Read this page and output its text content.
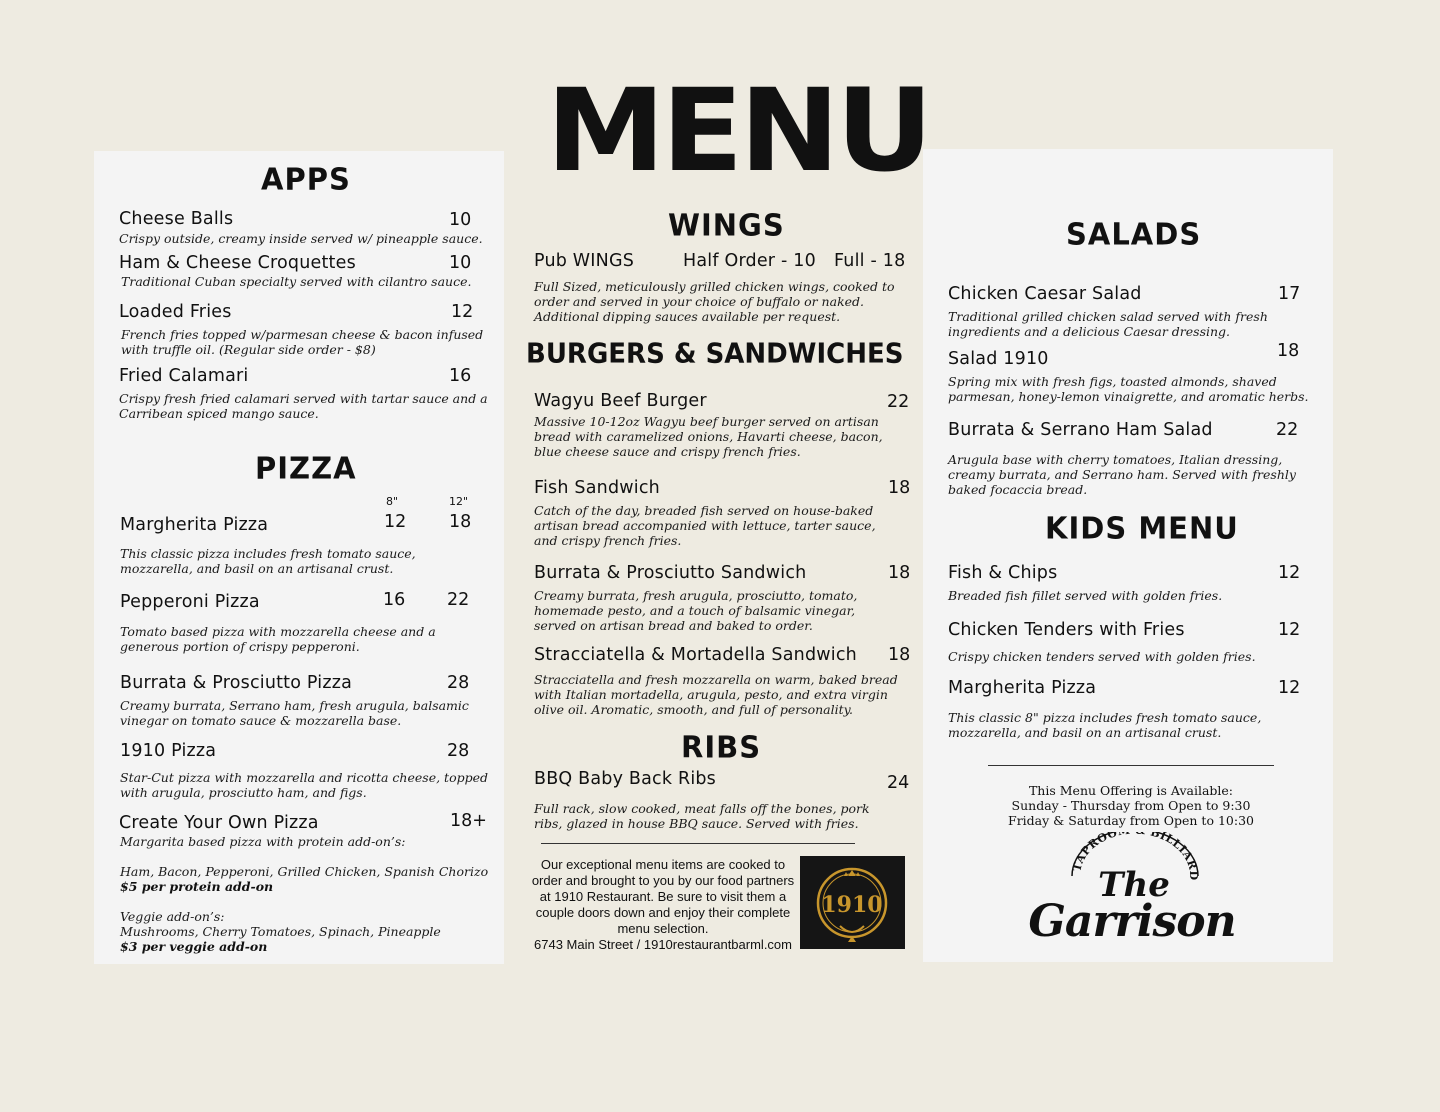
MENU
APPS
Cheese Balls	10
Crispy outside, creamy inside served w/ pineapple sauce.
Ham & Cheese Croquettes	10
Traditional Cuban specialty served with cilantro sauce.
Loaded Fries	12
French fries topped w/parmesan cheese & bacon infused with truffle oil. (Regular side order - $8)
Fried Calamari	16
Crispy fresh fried calamari served with tartar sauce and a Carribean spiced mango sauce.
PIZZA
8"	12"
Margherita Pizza	12 18
This classic pizza includes fresh tomato sauce, mozzarella, and basil on an artisanal crust.
Pepperoni Pizza	16 22
Tomato based pizza with mozzarella cheese and a generous portion of crispy pepperoni.
Burrata & Prosciutto Pizza	28
Creamy burrata, Serrano ham, fresh arugula, balsamic vinegar on tomato sauce & mozzarella base.
1910 Pizza	28
Star-Cut pizza with mozzarella and ricotta cheese, topped with arugula, prosciutto ham, and figs.
Create Your Own Pizza	18+
Margarita based pizza with protein add-on’s:
Ham, Bacon, Pepperoni, Grilled Chicken, Spanish Chorizo
$5 per protein add-on
Veggie add-on’s:
Mushrooms, Cherry Tomatoes, Spinach, Pineapple
$3 per veggie add-on
WINGS
Pub WINGS	Half Order - 10 Full - 18
Full Sized, meticulously grilled chicken wings, cooked to order and served in your choice of buffalo or naked. Additional dipping sauces available per request.
BURGERS & SANDWICHES
Wagyu Beef Burger	22
Massive 10-12oz Wagyu beef burger served on artisan bread with caramelized onions, Havarti cheese, bacon, blue cheese sauce and crispy french fries.
Fish Sandwich	18
Catch of the day, breaded fish served on house-baked artisan bread accompanied with lettuce, tarter sauce, and crispy french fries.
Burrata & Prosciutto Sandwich	18
Creamy burrata, fresh arugula, prosciutto, tomato, homemade pesto, and a touch of balsamic vinegar, served on artisan bread and baked to order.
Stracciatella & Mortadella Sandwich 18
Stracciatella and fresh mozzarella on warm, baked bread with Italian mortadella, arugula, pesto, and extra virgin olive oil. Aromatic, smooth, and full of personality.
RIBS
BBQ Baby Back Ribs	24
Full rack, slow cooked, meat falls off the bones, pork ribs, glazed in house BBQ sauce. Served with fries.
Our exceptional menu items are cooked to order and brought to you by our food partners at 1910 Restaurant. Be sure to visit them a couple doors down and enjoy their complete menu selection.
6743 Main Street / 1910restaurantbarml.com
1910
SALADS
Chicken Caesar Salad	17
Traditional grilled chicken salad served with fresh ingredients and a delicious Caesar dressing.
Salad 1910	18
Spring mix with fresh figs, toasted almonds, shaved parmesan, honey-lemon vinaigrette, and aromatic herbs.
Burrata & Serrano Ham Salad	22
Arugula base with cherry tomatoes, Italian dressing, creamy burrata, and Serrano ham. Served with freshly baked focaccia bread.
KIDS MENU
Fish & Chips	12
Breaded fish fillet served with golden fries.
Chicken Tenders with Fries	12
Crispy chicken tenders served with golden fries.
Margherita Pizza	12
This classic 8" pizza includes fresh tomato sauce, mozzarella, and basil on an artisanal crust.
This Menu Offering is Available:
Sunday - Thursday from Open to 9:30
Friday & Saturday from Open to 10:30
TAPROO BILLIARD
The
Garrison
